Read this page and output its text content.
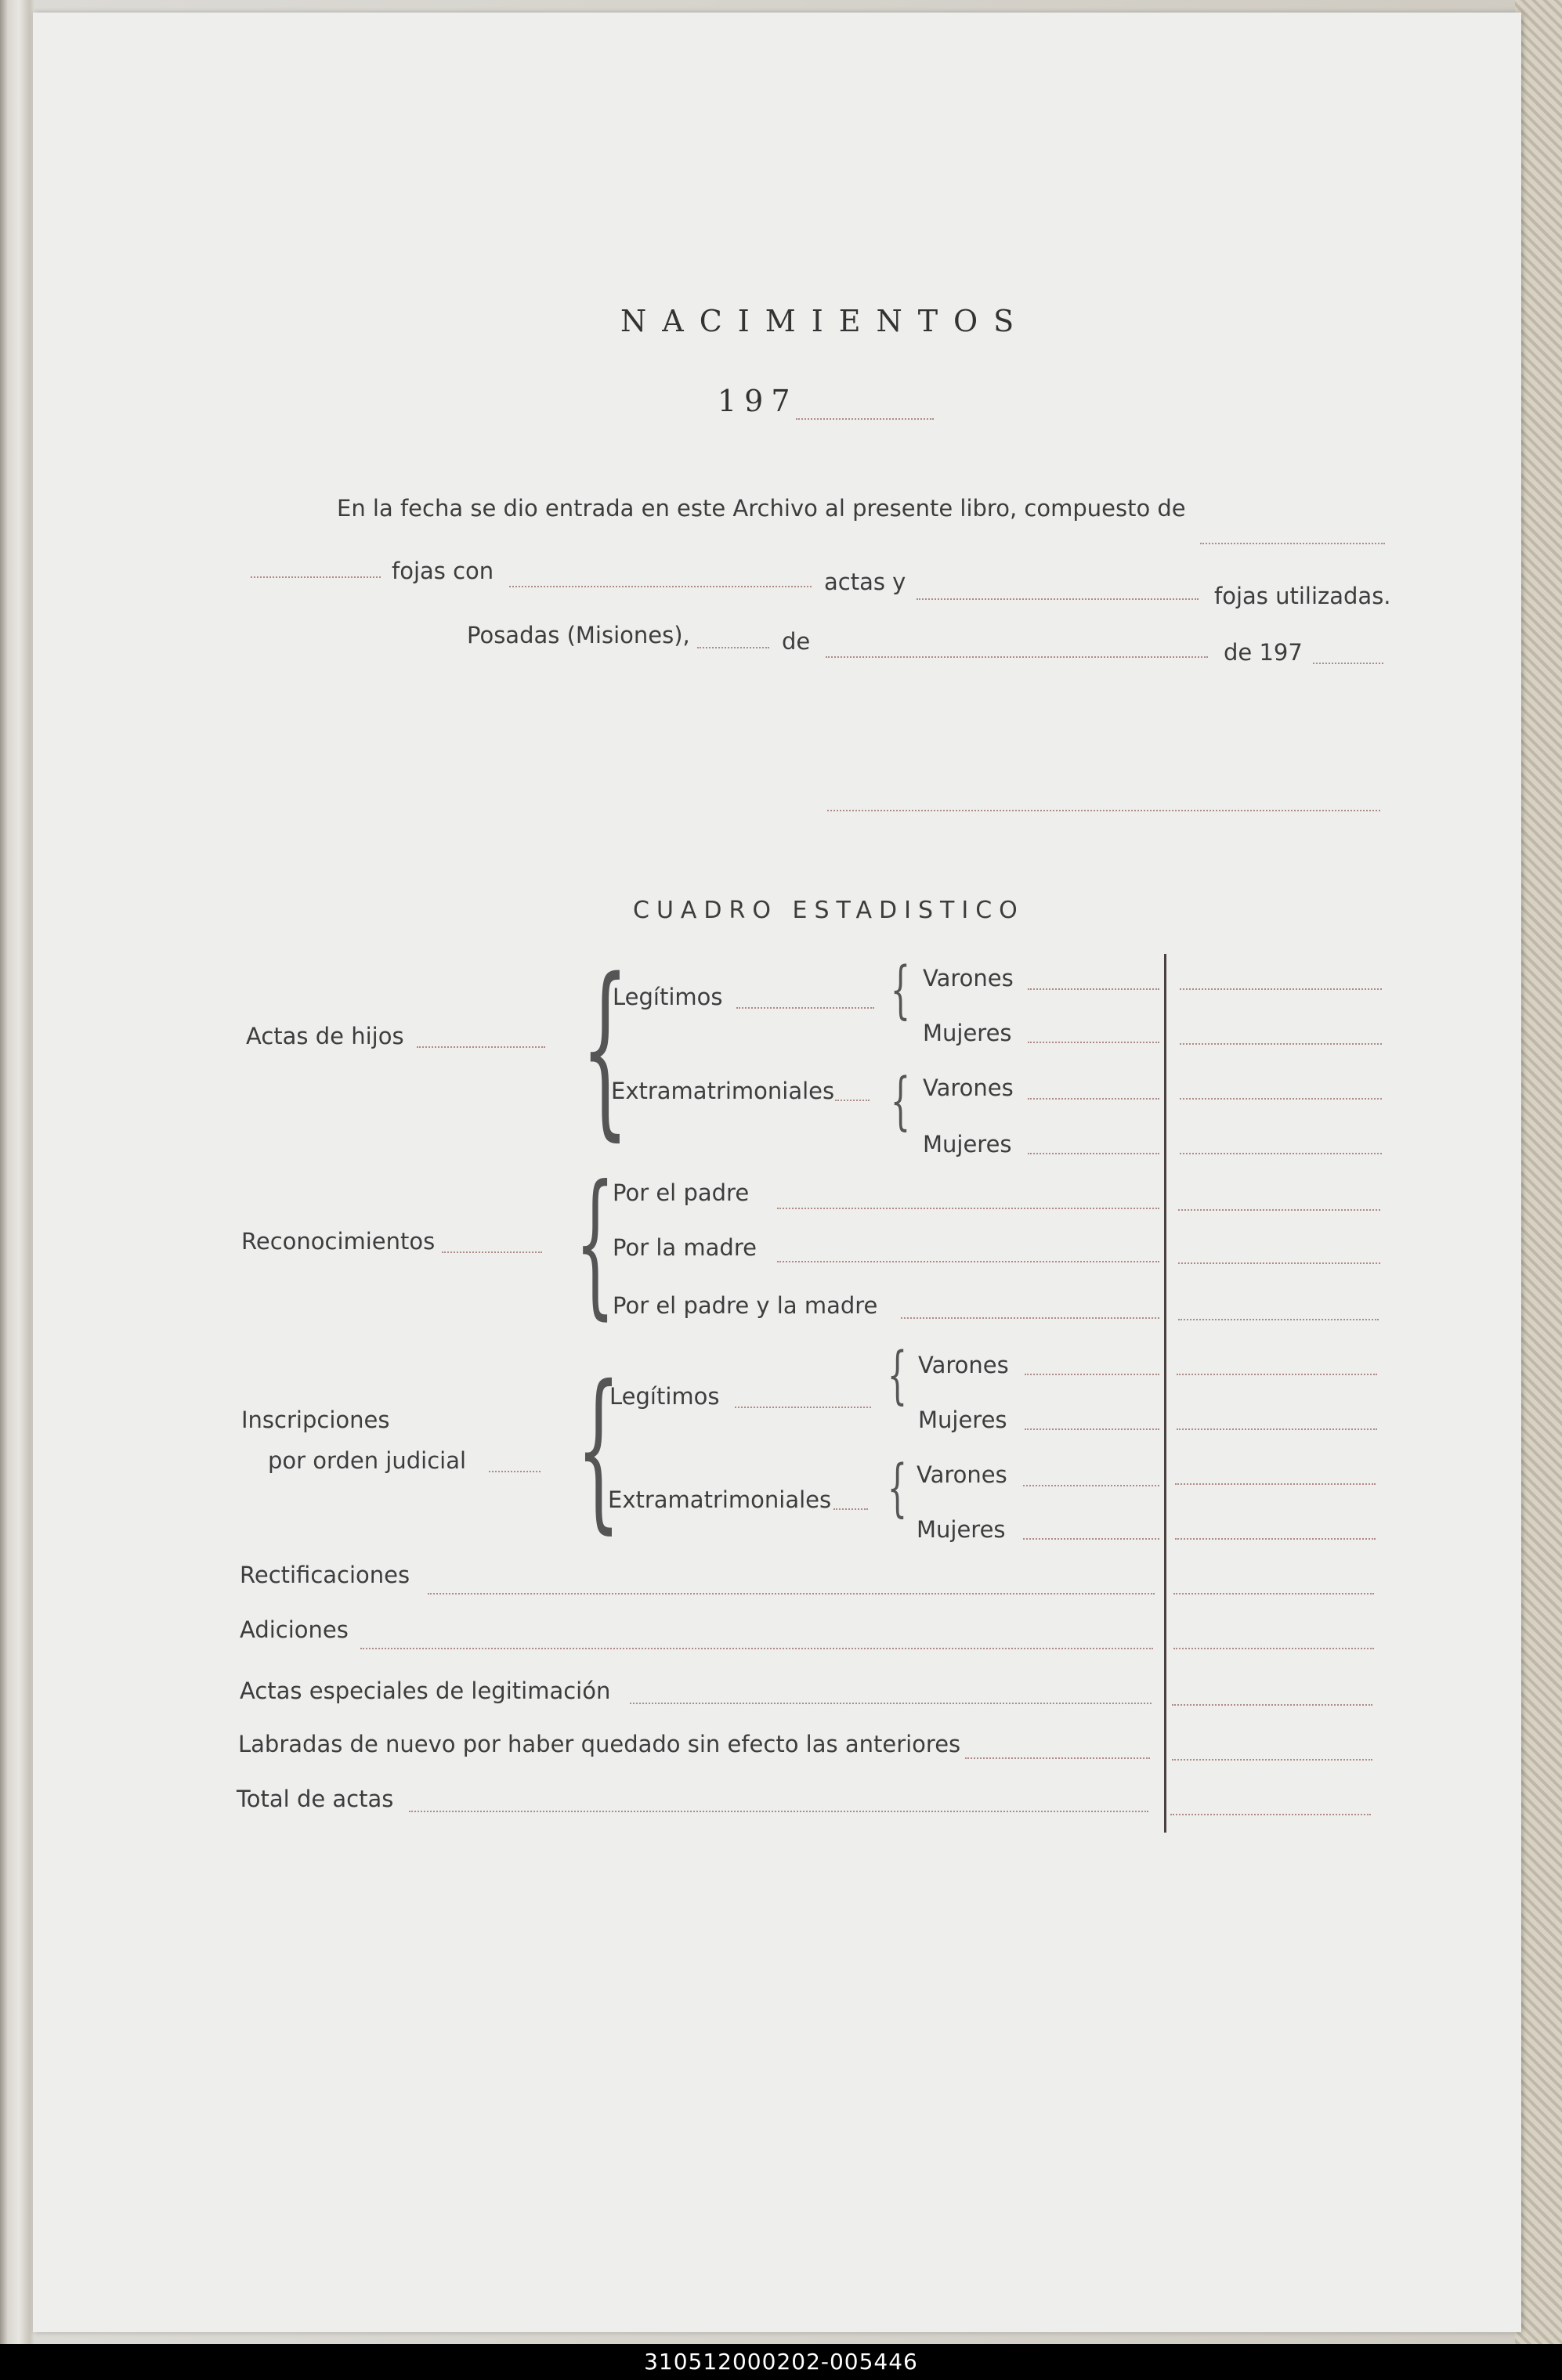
NACIMIENTOS
197
En la fecha se dio entrada en este Archivo al presente libro, compuesto de
fojas con	actas y
fojas utilizadas.
Posadas (Misiones),	de	de 197
CUADRO ESTADISTICO
Actas de hijos {
Legítimos	{ Varones
Mujeres
Extramatrimoniales { Varones
Mujeres
Reconocimientos {
Por el padre
Por la madre
Por el padre y la madre
Inscripciones
por orden judicial {
Legítimos	{ Varones
Mujeres
Extramatrimoniales { Varones
Mujeres
Rectificaciones
Adiciones
Actas especiales de legitimación
Labradas de nuevo por haber quedado sin efecto las anteriores
Total de actas
310512000202-005446
